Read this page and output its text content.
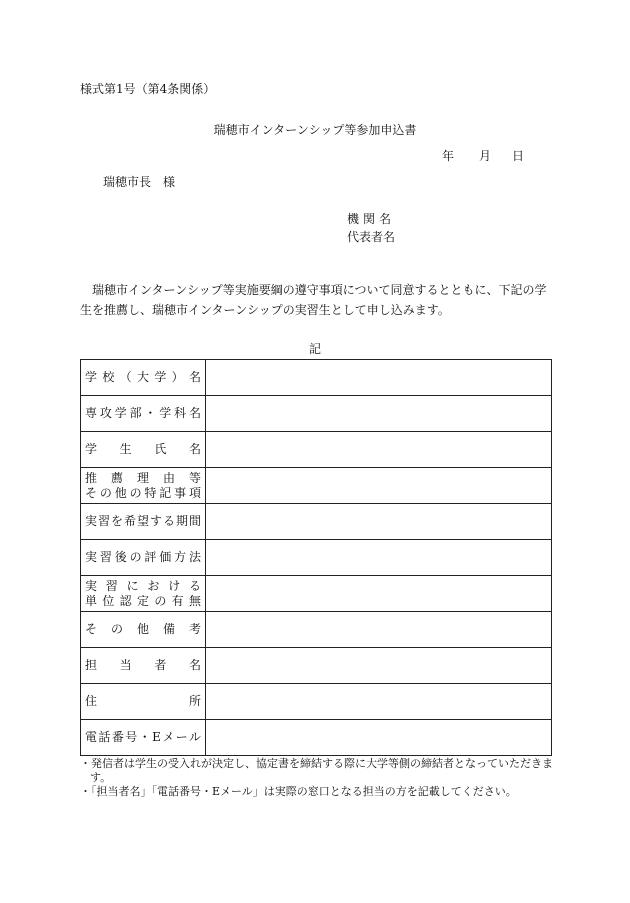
様式第1号（第4条関係）
瑞穂市インターンシップ等参加申込書
年 月 日
瑞穂市長　様
機関名
代表者名
瑞穂市インターンシップ等実施要綱の遵守事項について同意するとともに、下記の学生を推薦し、瑞穂市インターンシップの実習生として申し込みます。
記
学校（大学）名	

専攻学部・学科名	

学生氏名	

推薦理由等
その他の特記事項	

実習を希望する期間	

実習後の評価方法	

実習における
単位認定の有無	

その他備考	

担当者名	

住所	

電話番号・Eメール	

・発信者は学生の受入れが決定し、協定書を締結する際に大学等側の締結者となっていただきます。
・「担当者名」「電話番号・Eメール」は実際の窓口となる担当の方を記載してください。
